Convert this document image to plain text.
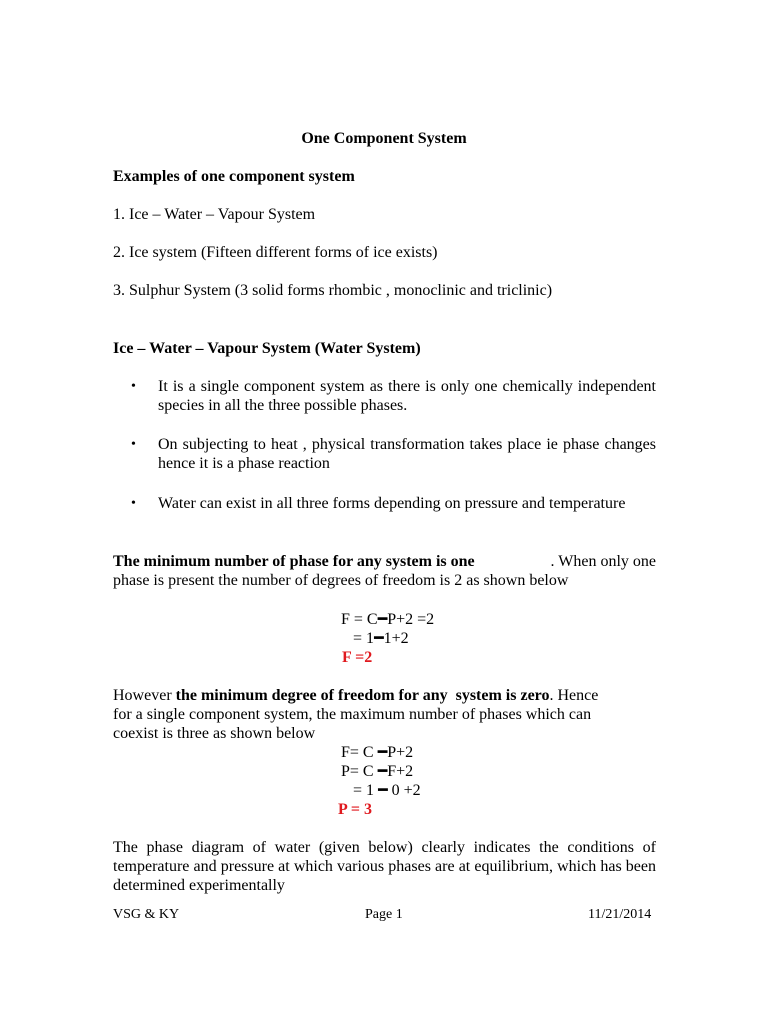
One Component System
Examples of one component system
1. Ice – Water – Vapour System
2. Ice system (Fifteen different forms of ice exists)
3. Sulphur System (3 solid forms rhombic , monoclinic and triclinic)
Ice – Water – Vapour System (Water System)
• It is a single component system as there is only one chemically independent species in all the three possible phases.
• On subjecting to heat , physical transformation takes place ie phase changes hence it is a phase reaction
• Water can exist in all three forms depending on pressure and temperature
The minimum number of phase for any system is one	. When only one
phase is present the number of degrees of freedom is 2 as shown below
F = C━P+2 =2
= 1━1+2
F =2
However the minimum degree of freedom for any  system is zero . Hence
for a single component system, the maximum number of phases which can
coexist is three as shown below
F= C ━P+2
P= C ━F+2
= 1 ━ 0 +2
P = 3
The phase diagram of water (given below) clearly indicates the conditions of temperature and pressure at which various phases are at equilibrium, which has been determined experimentally
VSG & KY	Page 1	11/21/2014
